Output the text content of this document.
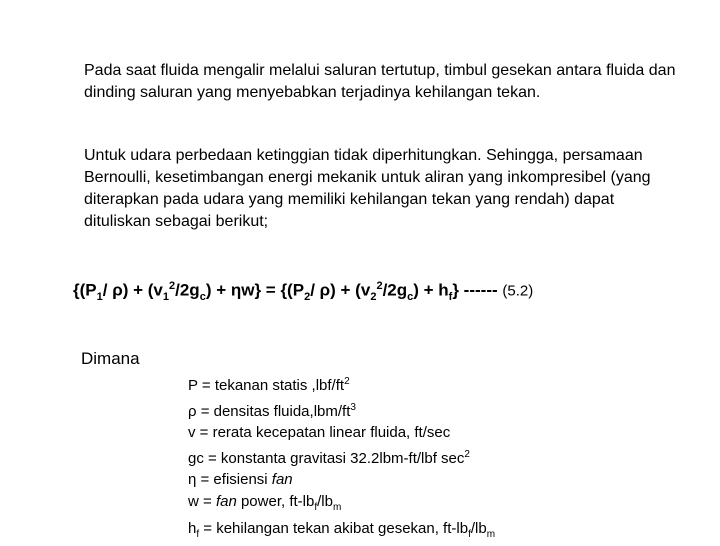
Pada saat fluida mengalir melalui saluran tertutup, timbul gesekan antara fluida dan dinding saluran yang menyebabkan terjadinya kehilangan tekan.

Untuk udara perbedaan ketinggian tidak diperhitungkan. Sehingga, persamaan Bernoulli, kesetimbangan energi mekanik untuk aliran yang inkompresibel (yang diterapkan pada udara yang memiliki kehilangan tekan yang rendah) dapat dituliskan sebagai berikut;

{($P_1/$ $\rho) + (v_1^2/2g_c) + \eta w\} = \{(P_2/$ $\rho) + (v_2^2/2g_c) + h_f$} ------ (5.2)

Dimana

P = tekanan statis $,lbf/ft^2$
ρ = densitas $fluida,lbm/ft^3$
v = rerata kecepatan linear fluida, ft/sec
gc = konstanta gravitasi 32.2lbm-ft/lbf $\sec^2$
η = efisiensi fan
w = fan power, $ft-lb_f/lb_m$
$h_f$ = kehilangan tekan akibat gesekan, $ft-lb_f/lb_m$
